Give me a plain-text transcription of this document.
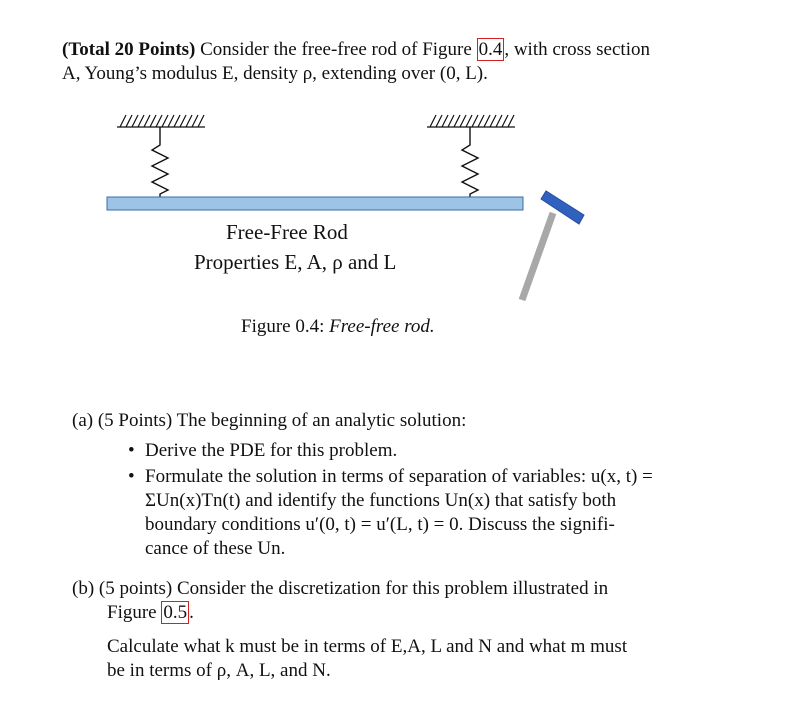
(Total 20 Points) Consider the free-free rod of Figure 0.4 , with cross section
A, Young’s modulus E, density ρ, extending over (0, L).
Free-Free Rod
Properties E, A, ρ and L
Figure 0.4: Free-free rod.
(a) (5 Points) The beginning of an analytic solution:
• Derive the PDE for this problem.
• Formulate the solution in terms of separation of variables: u(x, t) =
ΣUn(x)Tn(t) and identify the functions Un(x) that satisfy both
boundary conditions u′(0, t) = u′(L, t) = 0. Discuss the signifi-
cance of these Un.
(b) (5 points) Consider the discretization for this problem illustrated in
Figure 0.5 .
Calculate what k must be in terms of E,A, L and N and what m must
be in terms of ρ, A, L, and N.
